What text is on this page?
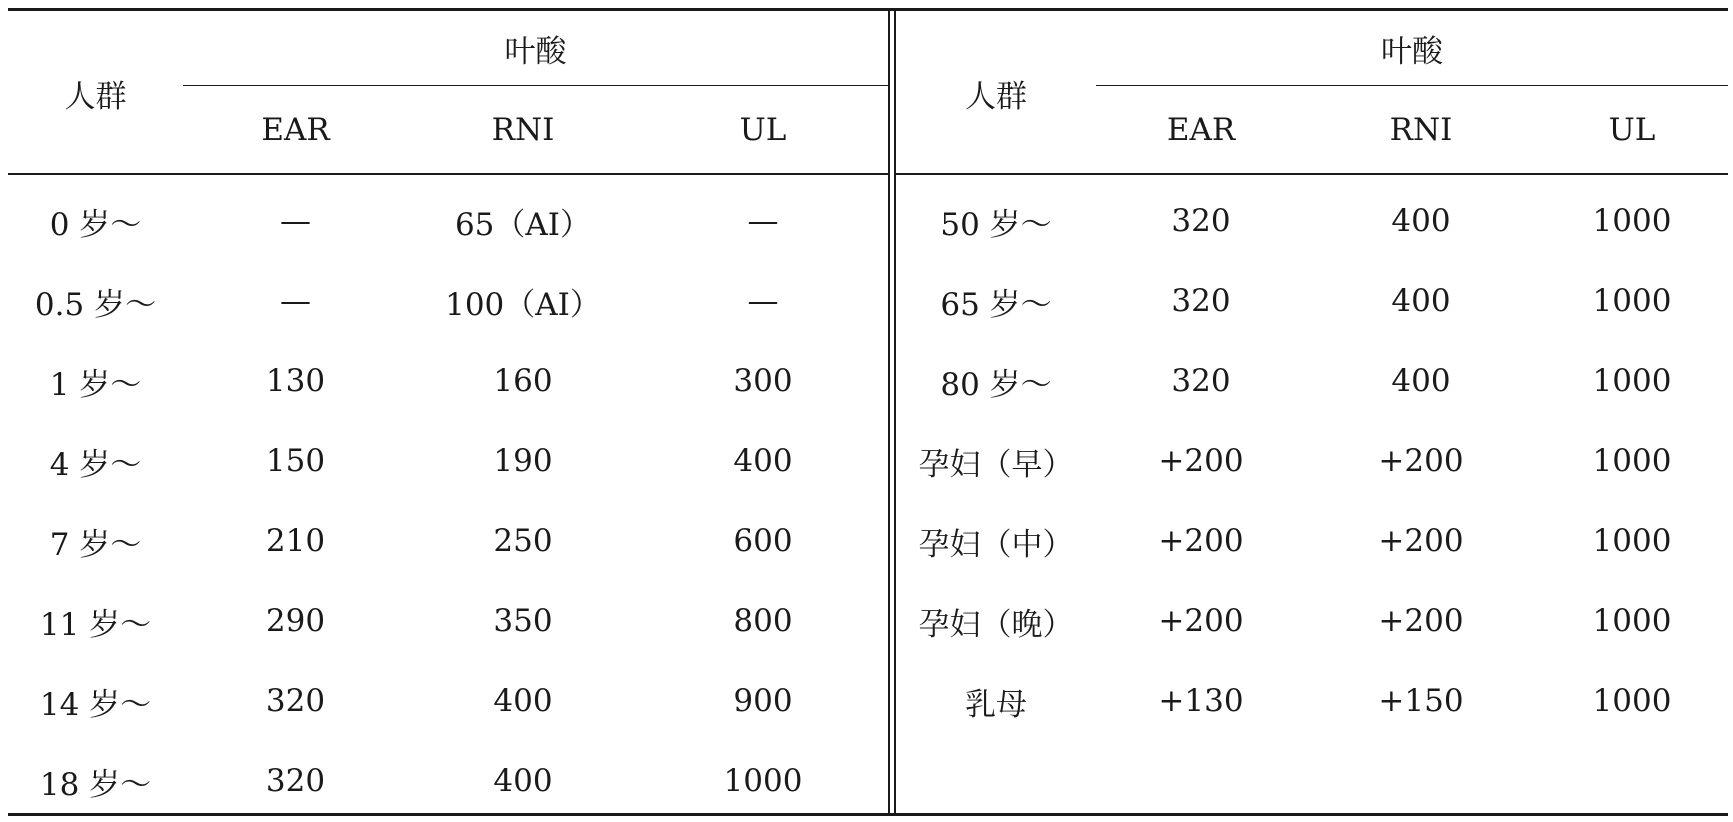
人群
叶酸
EAR	RNI	UL
0 岁～	—	65（AI）	—
0.5 岁～	—	100（AI）	—
1 岁～	130	160	300
4 岁～	150	190	400
7 岁～	210	250	600
11 岁～	290	350	800
14 岁～	320	400	900
18 岁～	320	400	1000
人群
叶酸
EAR	RNI	UL
50 岁～	320	400	1000
65 岁～	320	400	1000
80 岁～	320	400	1000
孕妇（早）	+200	+200	1000
孕妇（中）	+200	+200	1000
孕妇（晚）	+200	+200	1000
乳母	+130	+150	1000
